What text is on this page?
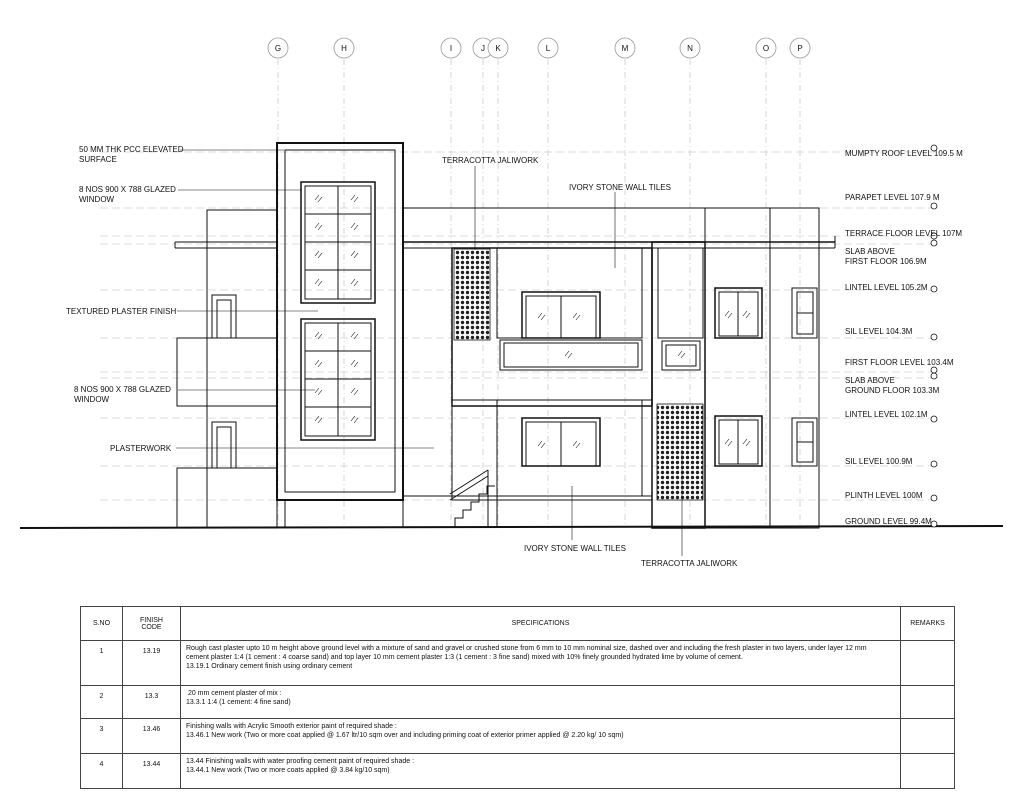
G	H	I	J K	L	M	N	O	P
50 MM THK PCC ELEVATED SURFACE
8 NOS 900 X 788 GLAZED WINDOW
TEXTURED PLASTER FINISH
8 NOS 900 X 788 GLAZED WINDOW
PLASTERWORK
TERRACOTTA JALIWORK
IVORY STONE WALL TILES
IVORY STONE WALL TILES
TERRACOTTA JALIWORK
MUMPTY ROOF LEVEL 109.5 M
PARAPET LEVEL 107.9 M
TERRACE FLOOR LEVEL 107M
SLAB ABOVE FIRST FLOOR 106.9M
LINTEL LEVEL 105.2M
SIL LEVEL 104.3M
FIRST FLOOR LEVEL 103.4M
SLAB ABOVE GROUND FLOOR 103.3M
LINTEL LEVEL 102.1M
SIL LEVEL 100.9M
PLINTH LEVEL 100M
GROUND LEVEL 99.4M
S.NO	FINISH
CODE	SPECIFICATIONS	REMARKS
1	13.19	Rough cast plaster upto 10 m height above ground level with a mixture of sand and gravel or crushed stone from 6 mm to 10 mm nominal size, dashed over and including the fresh plaster in two layers, under layer 12 mm
cement plaster 1:4 (1 cement : 4 coarse sand) and top layer 10 mm cement plaster 1:3 (1 cement : 3 fine sand) mixed with 10% finely grounded hydrated lime by volume of cement.
13.19.1 Ordinary cement finish using ordinary cement	

2	13.3	20 mm cement plaster of mix :
13.3.1 1:4 (1 cement: 4 fine sand)	

3	13.46	Finishing walls with Acrylic Smooth exterior paint of required shade :
13.46.1 New work (Two or more coat applied @ 1.67 ltr/10 sqm over and including priming coat of exterior primer applied @ 2.20 kg/ 10 sqm)	

4	13.44	13.44 Finishing walls with water proofing cement paint of required shade :
13.44.1 New work (Two or more coats applied @ 3.84 kg/10 sqm)	
